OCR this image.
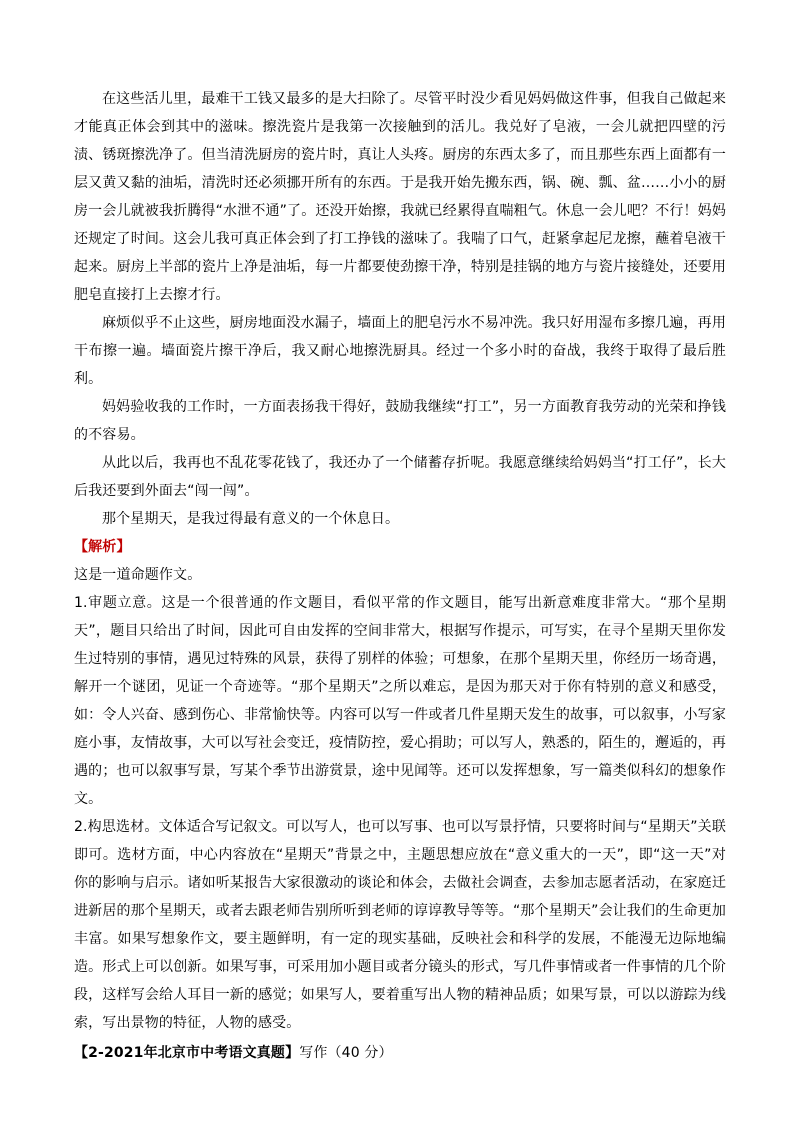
在这些活儿里，最难干工钱又最多的是大扫除了。尽管平时没少看见妈妈做这件事，但我自己做起来才能真正体会到其中的滋味。擦洗瓷片是我第一次接触到的活儿。我兑好了皂液，一会儿就把四壁的污渍、锈斑擦洗净了。但当清洗厨房的瓷片时，真让人头疼。厨房的东西太多了，而且那些东西上面都有一层又黄又黏的油垢，清洗时还必须挪开所有的东西。于是我开始先搬东西，锅、碗、瓢、盆……小小的厨房一会儿就被我折腾得“水泄不通”了。还没开始擦，我就已经累得直喘粗气。休息一会儿吧？不行！妈妈还规定了时间。这会儿我可真正体会到了打工挣钱的滋味了。我喘了口气，赶紧拿起尼龙擦，蘸着皂液干起来。厨房上半部的瓷片上净是油垢，每一片都要使劲擦干净，特别是挂锅的地方与瓷片接缝处，还要用肥皂直接打上去擦才行。

麻烦似乎不止这些，厨房地面没水漏子，墙面上的肥皂污水不易冲洗。我只好用湿布多擦几遍，再用干布擦一遍。墙面瓷片擦干净后，我又耐心地擦洗厨具。经过一个多小时的奋战，我终于取得了最后胜利。

妈妈验收我的工作时，一方面表扬我干得好，鼓励我继续“打工”，另一方面教育我劳动的光荣和挣钱的不容易。

从此以后，我再也不乱花零花钱了，我还办了一个储蓄存折呢。我愿意继续给妈妈当“打工仔”，长大后我还要到外面去“闯一闯”。

那个星期天，是我过得最有意义的一个休息日。

【解析】

这是一道命题作文。

1.审题立意。这是一个很普通的作文题目，看似平常的作文题目，能写出新意难度非常大。“那个星期天”，题目只给出了时间，因此可自由发挥的空间非常大，根据写作提示，可写实，在寻个星期天里你发生过特别的事情，遇见过特殊的风景，获得了别样的体验；可想象，在那个星期天里，你经历一场奇遇，解开一个谜团，见证一个奇迹等。“那个星期天”之所以难忘，是因为那天对于你有特别的意义和感受，如：令人兴奋、感到伤心、非常愉快等。内容可以写一件或者几件星期天发生的故事，可以叙事，小写家庭小事，友情故事，大可以写社会变迁，疫情防控，爱心捐助；可以写人，熟悉的，陌生的，邂逅的，再遇的；也可以叙事写景，写某个季节出游赏景，途中见闻等。还可以发挥想象，写一篇类似科幻的想象作文。

2.构思选材。文体适合写记叙文。可以写人，也可以写事、也可以写景抒情，只要将时间与“星期天”关联即可。选材方面，中心内容放在“星期天”背景之中，主题思想应放在“意义重大的一天”，即“这一天”对你的影响与启示。诸如听某报告大家很激动的谈论和体会，去做社会调查，去参加志愿者活动，在家庭迁进新居的那个星期天，或者去跟老师告别所听到老师的谆谆教导等等。“那个星期天”会让我们的生命更加丰富。如果写想象作文，要主题鲜明，有一定的现实基础，反映社会和科学的发展，不能漫无边际地编造。形式上可以创新。如果写事，可采用加小题目或者分镜头的形式，写几件事情或者一件事情的几个阶段，这样写会给人耳目一新的感觉；如果写人，要着重写出人物的精神品质；如果写景，可以以游踪为线索，写出景物的特征，人物的感受。

【2-2021年北京市中考语文真题】写作（40 分）
